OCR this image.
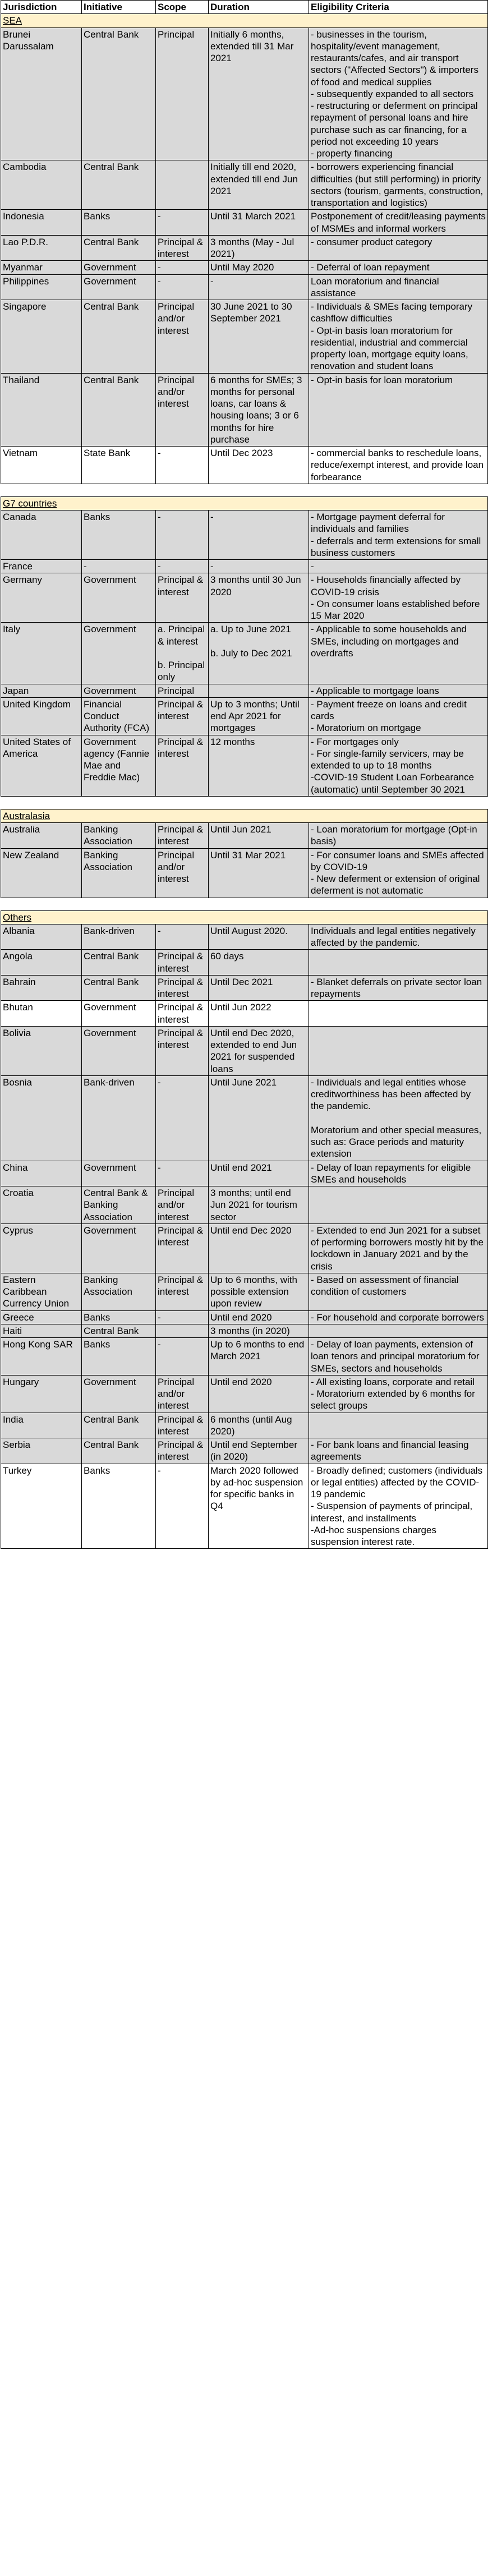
Jurisdiction	Initiative	Scope	Duration	Eligibility Criteria
SEA				
Brunei Darussalam	Central Bank	Principal	Initially 6 months, extended till 31 Mar 2021	- businesses in the tourism, hospitality/event management, restaurants/cafes, and air transport sectors ("Affected Sectors") & importers of food and medical supplies
- subsequently expanded to all sectors
- restructuring or deferment on principal repayment of personal loans and hire purchase such as car financing, for a period not exceeding 10 years
- property financing
Cambodia	Central Bank		Initially till end 2020, extended till end Jun 2021	- borrowers experiencing financial difficulties (but still performing) in priority sectors (tourism, garments, construction, transportation and logistics)
Indonesia	Banks	-	Until 31 March 2021	Postponement of credit/leasing payments of MSMEs and informal workers
Lao P.D.R.	Central Bank	Principal & interest	3 months (May - Jul 2021)	- consumer product category
Myanmar	Government	-	Until May 2020	- Deferral of loan repayment
Philippines	Government	-	-	Loan moratorium and financial assistance
Singapore	Central Bank	Principal and/or interest	30 June 2021 to 30 September 2021	- Individuals & SMEs facing temporary cashflow difficulties
- Opt-in basis loan moratorium for residential, industrial and commercial property loan, mortgage equity loans, renovation and student loans
Thailand	Central Bank	Principal and/or interest	6 months for SMEs; 3 months for personal loans, car loans & housing loans; 3 or 6 months for hire purchase	- Opt-in basis for loan moratorium
Vietnam	State Bank	-	Until Dec 2023	- commercial banks to reschedule loans, reduce/exempt interest, and provide loan forbearance

G7 countries				
Canada	Banks	-	-	- Mortgage payment deferral for individuals and families
- deferrals and term extensions for small business customers
France	-	-	-	-
Germany	Government	Principal & interest	3 months until 30 Jun 2020	- Households financially affected by COVID-19 crisis
- On consumer loans established before 15 Mar 2020
Italy	Government	a. Principal & interest

b. Principal only	a. Up to June 2021

b. July to Dec 2021	- Applicable to some households and SMEs, including on mortgages and overdrafts
Japan	Government	Principal		- Applicable to mortgage loans
United Kingdom	Financial Conduct Authority (FCA)	Principal & interest	Up to 3 months; Until end Apr 2021 for mortgages	- Payment freeze on loans and credit cards
- Moratorium on mortgage
United States of America	Government agency (Fannie Mae and Freddie Mac)	Principal & interest	12 months	- For mortgages only
- For single-family servicers, may be extended to up to 18 months
-COVID-19 Student Loan Forbearance (automatic) until September 30 2021

Australasia				
Australia	Banking Association	Principal & interest	Until Jun 2021	- Loan moratorium for mortgage (Opt-in basis)
New Zealand	Banking Association	Principal and/or interest	Until 31 Mar 2021	- For consumer loans and SMEs affected by COVID-19
- New deferment or extension of original deferment is not automatic

Others				
Albania	Bank-driven	-	Until August 2020.	Individuals and legal entities negatively affected by the pandemic.
Angola	Central Bank	Principal & interest	60 days	
Bahrain	Central Bank	Principal & interest	Until Dec 2021	- Blanket deferrals on private sector loan repayments
Bhutan	Government	Principal & interest	Until Jun 2022	
Bolivia	Government	Principal & interest	Until end Dec 2020, extended to end Jun 2021 for suspended loans	
Bosnia	Bank-driven	-	Until June 2021	- Individuals and legal entities whose creditworthiness has been affected by the pandemic.

Moratorium and other special measures, such as: Grace periods and maturity extension
China	Government	-	Until end 2021	- Delay of loan repayments for eligible SMEs and households
Croatia	Central Bank & Banking Association	Principal and/or interest	3 months; until end Jun 2021 for tourism sector	
Cyprus	Government	Principal & interest	Until end Dec 2020	- Extended to end Jun 2021 for a subset of performing borrowers mostly hit by the lockdown in January 2021 and by the crisis
Eastern Caribbean Currency Union	Banking Association	Principal & interest	Up to 6 months, with possible extension upon review	- Based on assessment of financial condition of customers
Greece	Banks	-	Until end 2020	- For household and corporate borrowers
Haiti	Central Bank		3 months (in 2020)	
Hong Kong SAR	Banks	-	Up to 6 months to end March 2021	- Delay of loan payments, extension of loan tenors and principal moratorium for SMEs, sectors and households
Hungary	Government	Principal and/or interest	Until end 2020	- All existing loans, corporate and retail
- Moratorium extended by 6 months for select groups
India	Central Bank	Principal & interest	6 months (until Aug 2020)	
Serbia	Central Bank	Principal & interest	Until end September (in 2020)	- For bank loans and financial leasing agreements
Turkey	Banks	-	March 2020 followed by ad-hoc suspension for specific banks in Q4	- Broadly defined; customers (individuals or legal entities) affected by the COVID-19 pandemic
- Suspension of payments of principal, interest, and installments
-Ad-hoc suspensions charges suspension interest rate.
